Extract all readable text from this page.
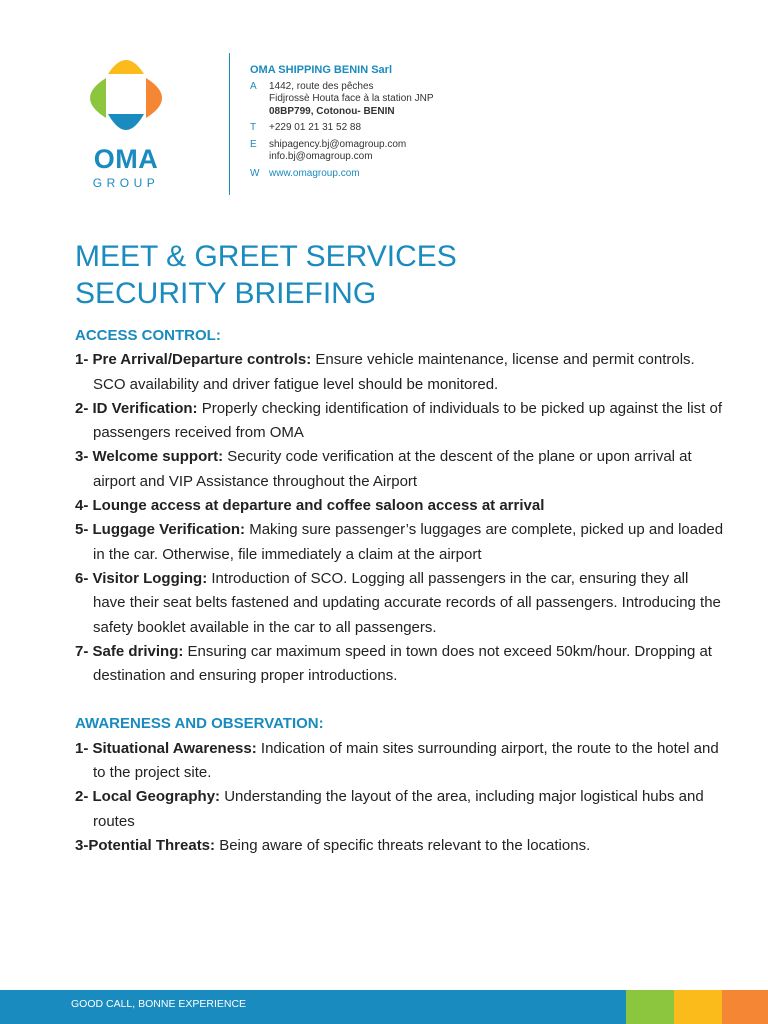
OMA
GROUP
OMA SHIPPING BENIN Sarl
A	1442, route des pêches
Fidjrossè Houta face à la station JNP
08BP799, Cotonou- BENIN
T	+229 01 21 31 52 88
E	shipagency.bj@omagroup.com
info.bj@omagroup.com
W www.omagroup.com
MEET & GREET SERVICES
SECURITY BRIEFING
ACCESS CONTROL:
1- Pre Arrival/Departure controls: Ensure vehicle maintenance, license and permit controls. SCO availability and driver fatigue level should be monitored.
2- ID Verification: Properly checking identification of individuals to be picked up against the list of passengers received from OMA
3- Welcome support: Security code verification at the descent of the plane or upon arrival at airport and VIP Assistance throughout the Airport
4- Lounge access at departure and coffee saloon access at arrival
5- Luggage Verification: Making sure passenger’s luggages are complete, picked up and loaded in the car. Otherwise, file immediately a claim at the airport
6- Visitor Logging: Introduction of SCO. Logging all passengers in the car, ensuring they all have their seat belts fastened and updating accurate records of all passengers. Introducing the safety booklet available in the car to all passengers.
7- Safe driving: Ensuring car maximum speed in town does not exceed 50km/hour. Dropping at destination and ensuring proper introductions.
AWARENESS AND OBSERVATION:
1- Situational Awareness: Indication of main sites surrounding airport, the route to the hotel and to the project site.
2- Local Geography: Understanding the layout of the area, including major logistical hubs and routes
3-Potential Threats: Being aware of specific threats relevant to the locations.
GOOD CALL, BONNE EXPERIENCE
